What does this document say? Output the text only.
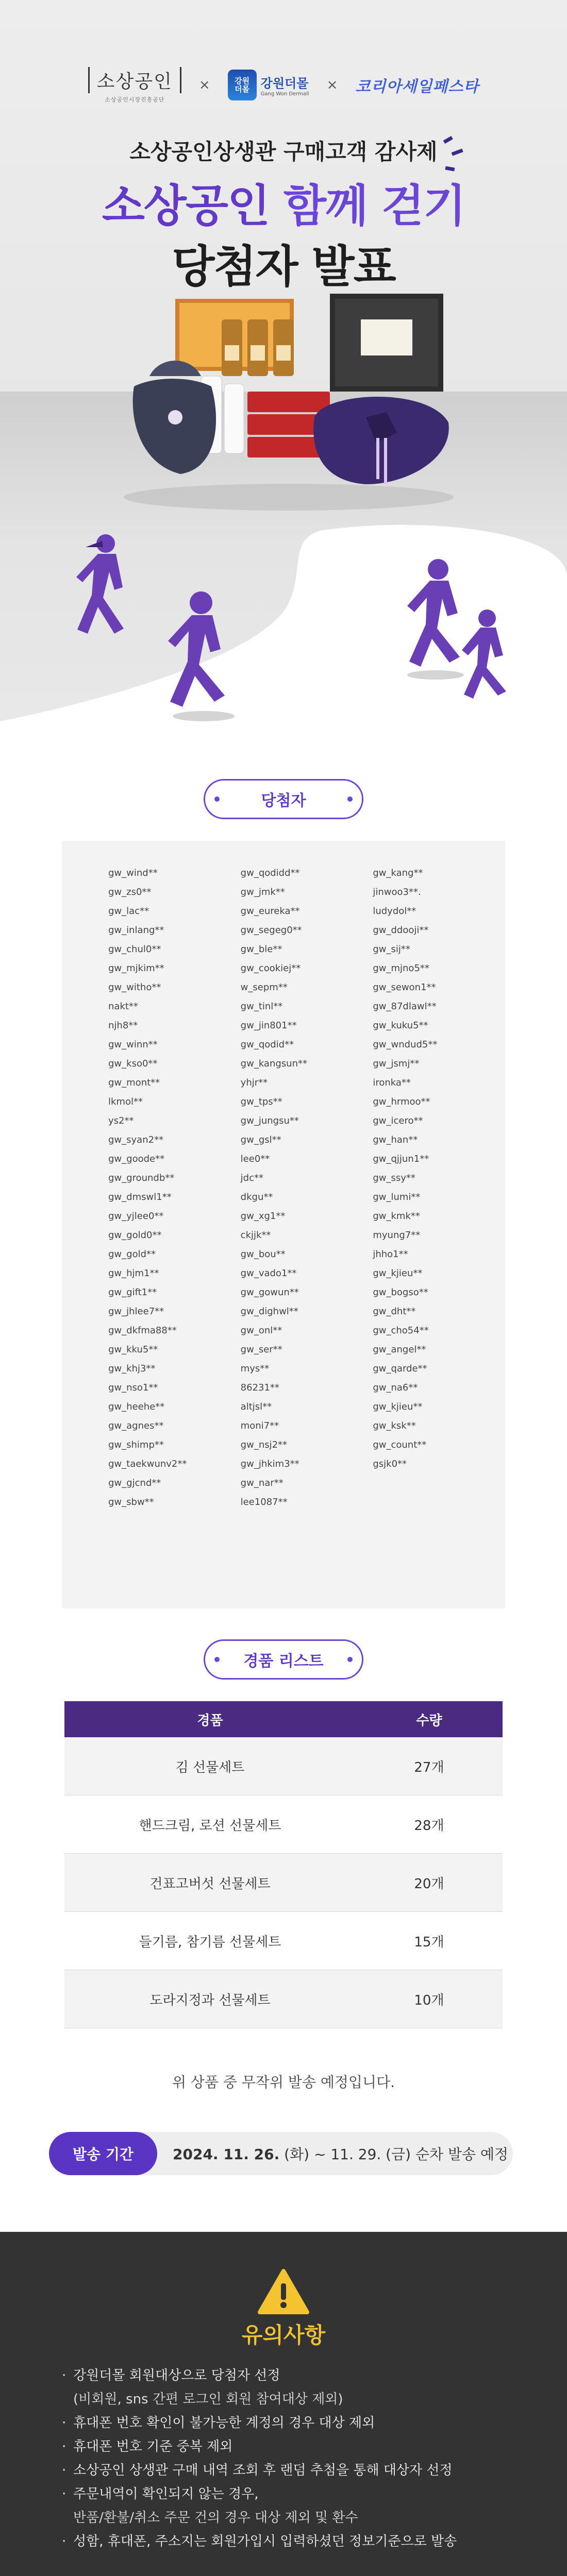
소상공인
소상공인시장진흥공단
×	강원
더몰 강원더몰
Gang Won Dermall
× 코리아세일페스타
소상공인상생관 구매고객 감사제
소상공인 함께 걷기
당첨자 발표
당첨자
gw_wind**
gw_zs0**
gw_lac**
gw_inlang**
gw_chul0**
gw_mjkim**
gw_witho**
nakt**
njh8**
gw_winn**
gw_kso0**
gw_mont**
lkmol**
ys2**
gw_syan2**
gw_goode**
gw_groundb**
gw_dmswl1**
gw_yjlee0**
gw_gold0**
gw_gold**
gw_hjm1**
gw_gift1**
gw_jhlee7**
gw_dkfma88**
gw_kku5**
gw_khj3**
gw_nso1**
gw_heehe**
gw_agnes**
gw_shimp**
gw_taekwunv2**
gw_gjcnd**
gw_sbw**
gw_qodidd**
gw_jmk**
gw_eureka**
gw_segeg0**
gw_ble**
gw_cookiej**
w_sepm**
gw_tinl**
gw_jin801**
gw_qodid**
gw_kangsun**
yhjr**
gw_tps**
gw_jungsu**
gw_gsl**
lee0**
jdc**
dkgu**
gw_xg1**
ckjjk**
gw_bou**
gw_vado1**
gw_gowun**
gw_dighwl**
gw_onl**
gw_ser**
mys**
86231**
altjsl**
moni7**
gw_nsj2**
gw_jhkim3**
gw_nar**
lee1087**
gw_kang**
jinwoo3**.
ludydol**
gw_ddooji**
gw_sij**
gw_mjno5**
gw_sewon1**
gw_87dlawl**
gw_kuku5**
gw_wndud5**
gw_jsmj**
ironka**
gw_hrmoo**
gw_icero**
gw_han**
gw_qjjun1**
gw_ssy**
gw_lumi**
gw_kmk**
myung7**
jhho1**
gw_kjieu**
gw_bogso**
gw_dht**
gw_cho54**
gw_angel**
gw_qarde**
gw_na6**
gw_kjieu**
gw_ksk**
gw_count**
gsjk0**
경품 리스트
경품	수량
김 선물세트	27개
핸드크림, 로션 선물세트	28개
건표고버섯 선물세트	20개
들기름, 참기름 선물세트	15개
도라지정과 선물세트	10개
위 상품 중 무작위 발송 예정입니다.
발송 기간	2024. 11. 26. (화) ~ 11. 29. (금) 순차 발송 예정
유의사항
· 강원더몰 회원대상으로 당첨자 선정
(비회원, sns 간편 로그인 회원 참여대상 제외)
· 휴대폰 번호 확인이 불가능한 계정의 경우 대상 제외
· 휴대폰 번호 기준 중복 제외
· 소상공인 상생관 구매 내역 조회 후 랜덤 추첨을 통해 대상자 선정
· 주문내역이 확인되지 않는 경우,
반품/환불/취소 주문 건의 경우 대상 제외 및 환수
· 성함, 휴대폰, 주소지는 회원가입시 입력하셨던 정보기준으로 발송
